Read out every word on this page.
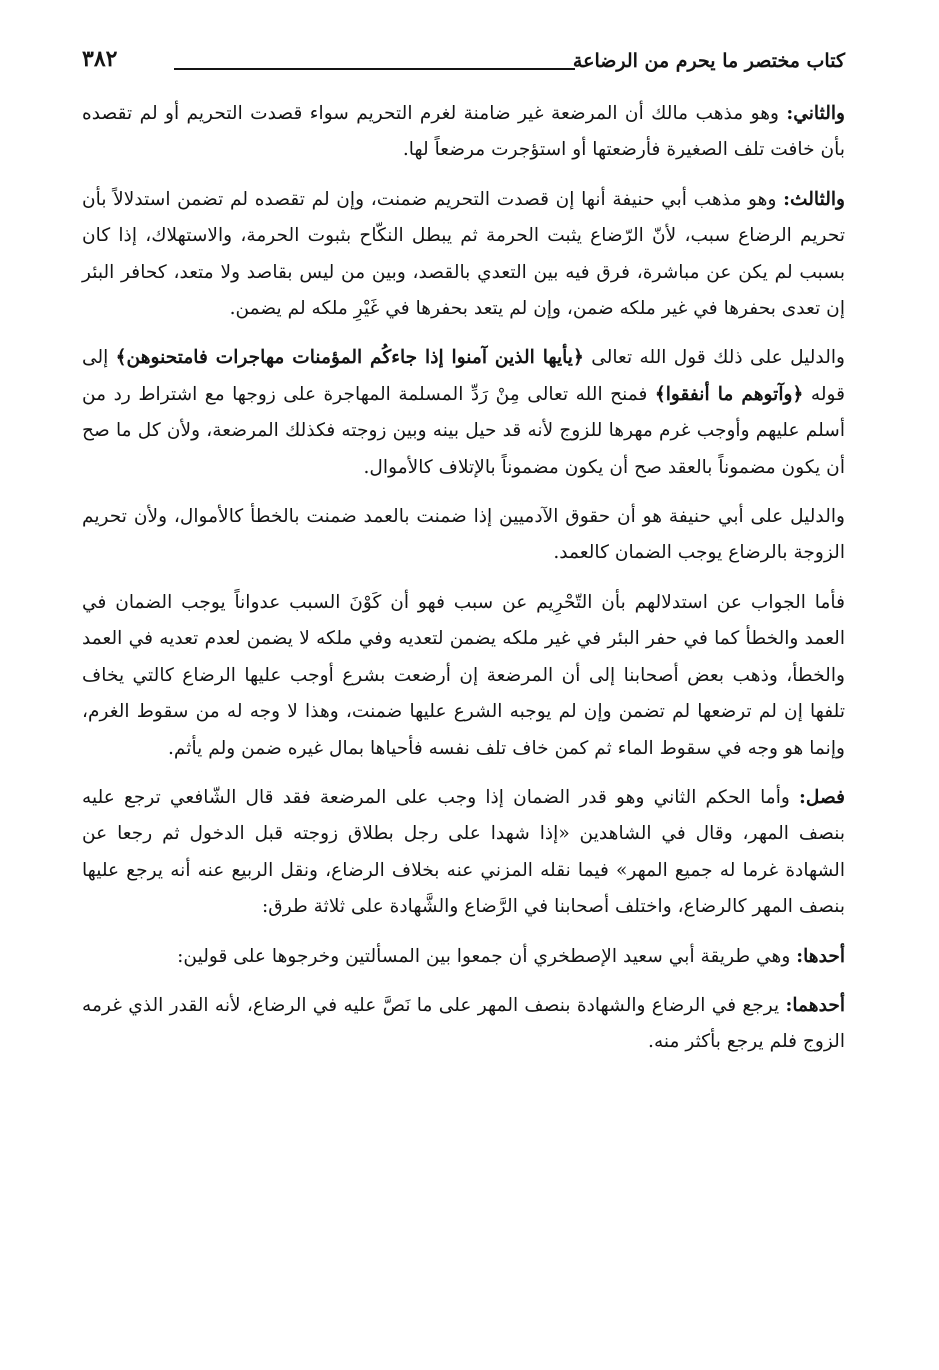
كتاب مختصر ما يحرم من الرضاعة
٣٨٢

والثاني: وهو مذهب مالك أن المرضعة غير ضامنة لغرم التحريم سواء قصدت التحريم أو لم تقصده بأن خافت تلف الصغيرة فأرضعتها أو استؤجرت مرضعاً لها.

والثالث: وهو مذهب أبي حنيفة أنها إن قصدت التحريم ضمنت، وإن لم تقصده لم تضمن استدلالاً بأن تحريم الرضاع سبب، لأنّ الرّضاع يثبت الحرمة ثم يبطل النكّاح بثبوت الحرمة، والاستهلاك، إذا كان بسبب لم يكن عن مباشرة، فرق فيه بين التعدي بالقصد، وبين من ليس بقاصد ولا متعد، كحافر البئر إن تعدى بحفرها في غير ملكه ضمن، وإن لم يتعد بحفرها في غَيْرِ ملكه لم يضمن.

والدليل على ذلك قول الله تعالى ﴿يأيها الذين آمنوا إذا جاءكُم المؤمنات مهاجرات فامتحنوهن﴾ إلى قوله ﴿وآتوهم ما أنفقوا﴾ فمنح الله تعالى مِنْ رَدِّ المسلمة المهاجرة على زوجها مع اشتراط رد من أسلم عليهم وأوجب غرم مهرها للزوج لأنه قد حيل بينه وبين زوجته فكذلك المرضعة، ولأن كل ما صح أن يكون مضموناً بالعقد صح أن يكون مضموناً بالإتلاف كالأموال.

والدليل على أبي حنيفة هو أن حقوق الآدميين إذا ضمنت بالعمد ضمنت بالخطأ كالأموال، ولأن تحريم الزوجة بالرضاع يوجب الضمان كالعمد.

فأما الجواب عن استدلالهم بأن التّحْرِيم عن سبب فهو أن كَوْنَ السبب عدواناً يوجب الضمان في العمد والخطأ كما في حفر البئر في غير ملكه يضمن لتعديه وفي ملكه لا يضمن لعدم تعديه في العمد والخطأ، وذهب بعض أصحابنا إلى أن المرضعة إن أرضعت بشرع أوجب عليها الرضاع كالتي يخاف تلفها إن لم ترضعها لم تضمن وإن لم يوجبه الشرع عليها ضمنت، وهذا لا وجه له من سقوط الغرم، وإنما هو وجه في سقوط الماء ثم كمن خاف تلف نفسه فأحياها بمال غيره ضمن ولم يأثم.

فصل: وأما الحكم الثاني وهو قدر الضمان إذا وجب على المرضعة فقد قال الشّافعي ترجع عليه بنصف المهر، وقال في الشاهدين «إذا شهدا على رجل بطلاق زوجته قبل الدخول ثم رجعا عن الشهادة غرما له جميع المهر» فيما نقله المزني عنه بخلاف الرضاع، ونقل الربيع عنه أنه يرجع عليها بنصف المهر كالرضاع، واختلف أصحابنا في الرَّضاع والشَّهادة على ثلاثة طرق:

أحدها: وهي طريقة أبي سعيد الإصطخري أن جمعوا بين المسألتين وخرجوها على قولين:

أحدهما: يرجع في الرضاع والشهادة بنصف المهر على ما نَصَّ عليه في الرضاع، لأنه القدر الذي غرمه الزوج فلم يرجع بأكثر منه.
